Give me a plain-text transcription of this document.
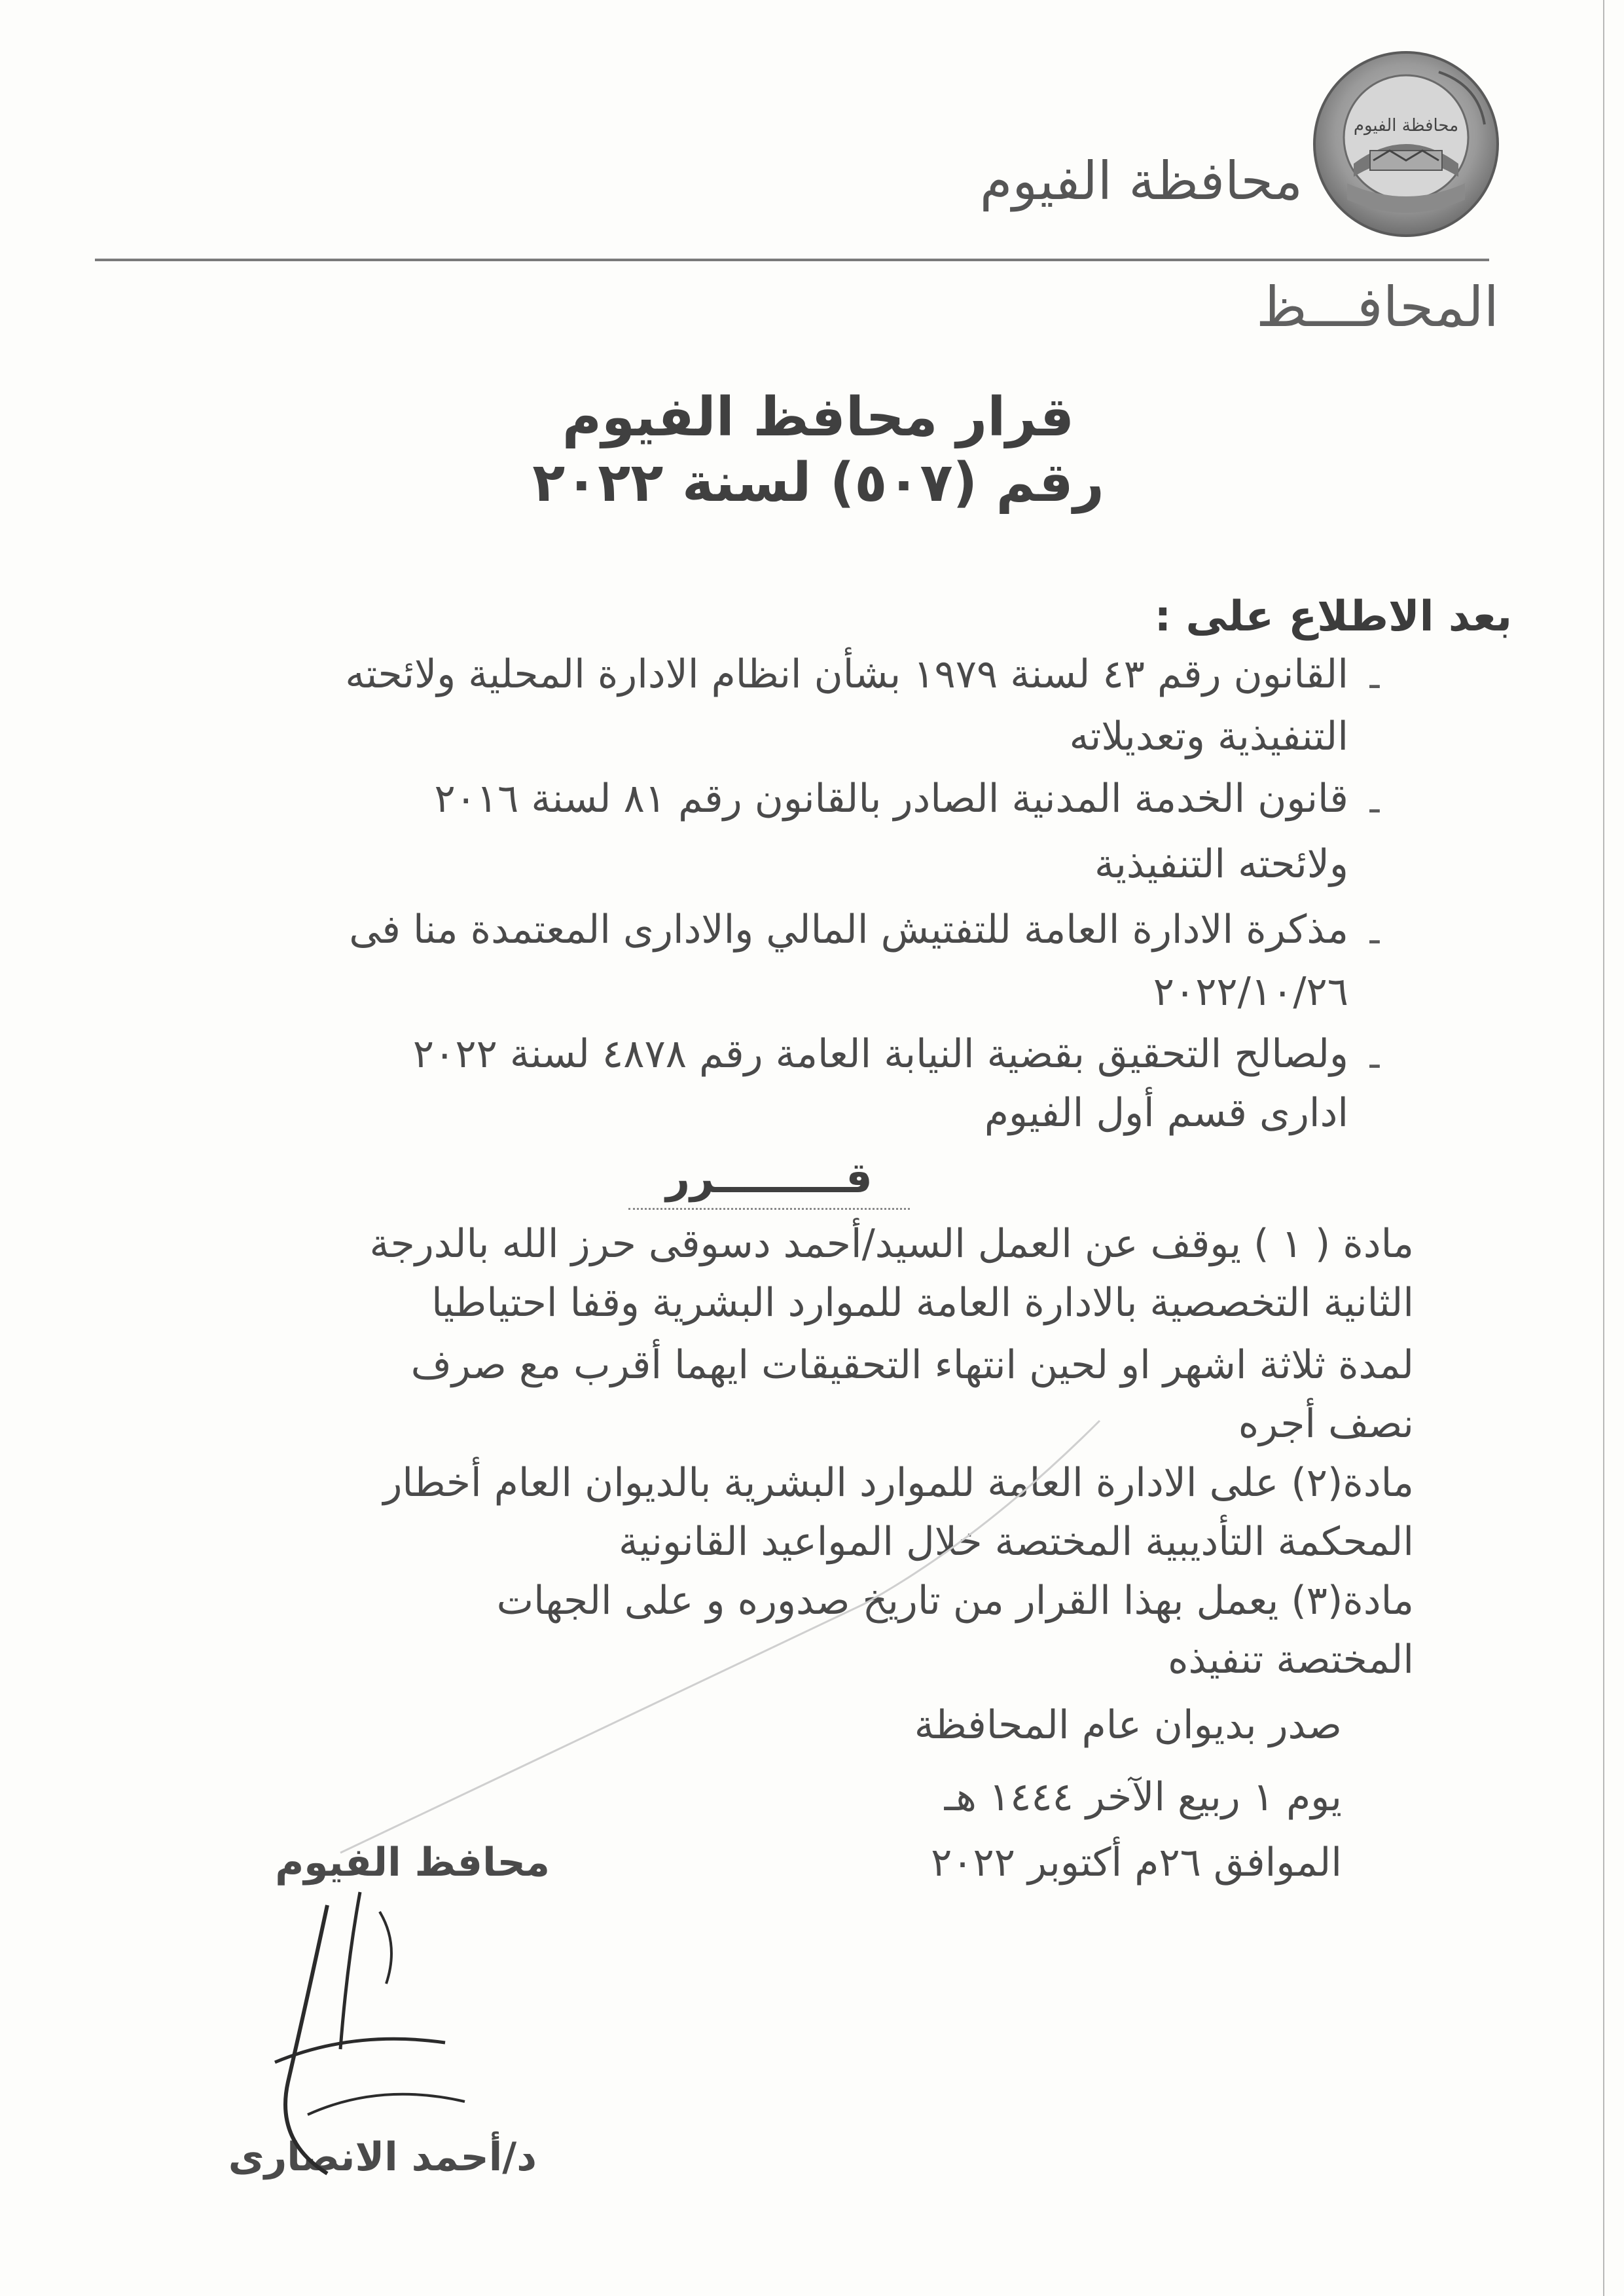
محافظة الفيوم
محافظة الفيوم
المحافـــظ
قرار محافظ الفيوم
رقم (٥٠٧) لسنة ٢٠٢٢
بعد الاطلاع على :
-
القانون رقم ٤٣ لسنة ١٩٧٩ بشأن انظام الادارة المحلية ولائحته
التنفيذية وتعديلاته
-
قانون الخدمة المدنية الصادر بالقانون رقم ٨١ لسنة ٢٠١٦
ولائحته التنفيذية
-
مذكرة الادارة العامة للتفتيش المالي والادارى المعتمدة منا فى
٢٠٢٢/١٠/٢٦
-
ولصالح التحقيق بقضية النيابة العامة رقم ٤٨٧٨ لسنة ٢٠٢٢
ادارى قسم أول الفيوم
قـــــــــرر
مادة ( ١ ) يوقف عن العمل السيد/أحمد دسوقى حرز الله بالدرجة
الثانية التخصصية بالادارة العامة للموارد البشرية وقفا احتياطيا
لمدة ثلاثة اشهر او لحين انتهاء التحقيقات ايهما أقرب مع صرف
نصف أجره
مادة(٢) على الادارة العامة للموارد البشرية بالديوان العام أخطار
المحكمة التأديبية المختصة خلال المواعيد القانونية
مادة(٣) يعمل بهذا القرار من تاريخ صدوره و على الجهات
المختصة تنفيذه
صدر بديوان عام المحافظة
يوم ١ ربيع الآخر ١٤٤٤ هـ
الموافق ٢٦م أكتوبر ٢٠٢٢
محافظ الفيوم
د/أحمد الانصارى
